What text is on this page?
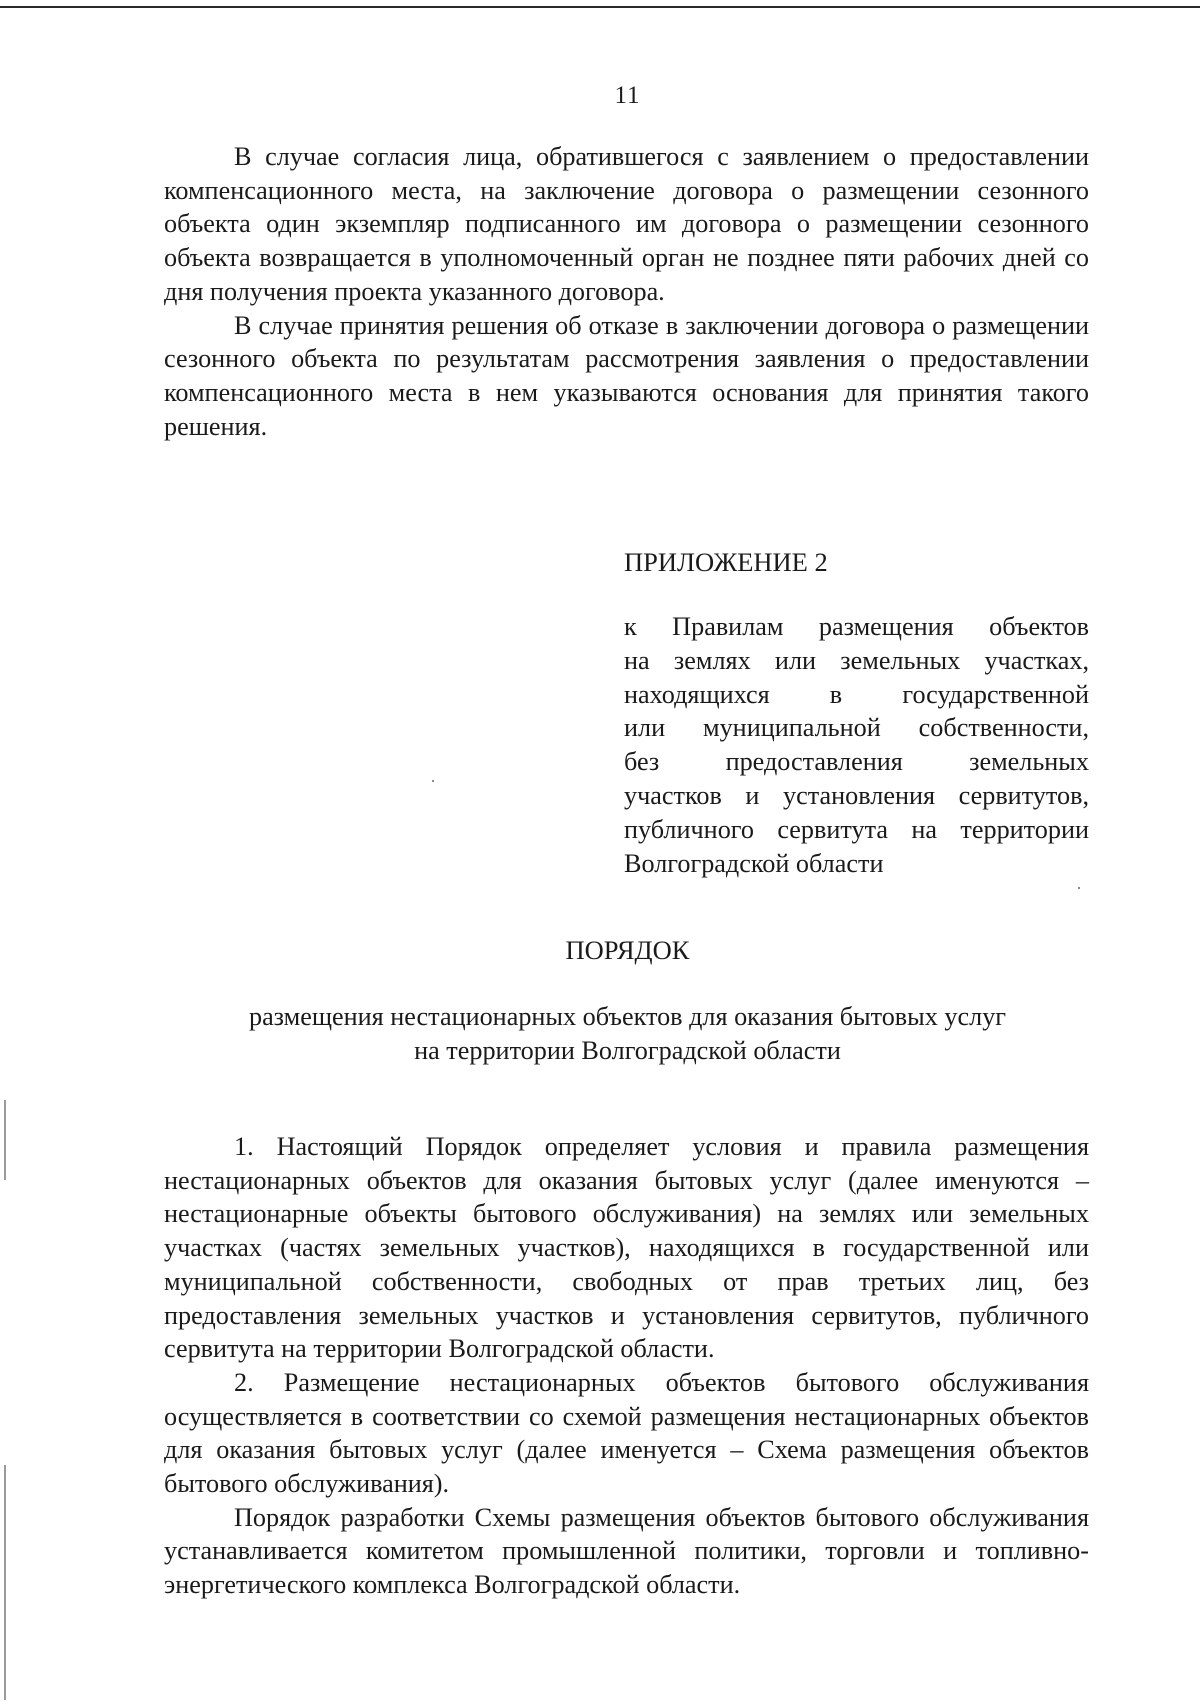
11

В случае согласия лица, обратившегося с заявлением о предоставлении компенсационного места, на заключение договора о размещении сезонного объекта один экземпляр подписанного им договора о размещении сезонного объекта возвращается в уполномоченный орган не позднее пяти рабочих дней со дня получения проекта указанного договора.

В случае принятия решения об отказе в заключении договора о размещении сезонного объекта по результатам рассмотрения заявления о предоставлении компенсационного места в нем указываются основания для принятия такого решения.

ПРИЛОЖЕНИЕ 2
к Правилам размещения объектов
на землях или земельных участках,
находящихся в государственной
или муниципальной собственности,
без предоставления земельных
участков и установления сервитутов,
публичного сервитута на территории
Волгоградской области
ПОРЯДОК
размещения нестационарных объектов для оказания бытовых услуг
на территории Волгоградской области

1. Настоящий Порядок определяет условия и правила размещения нестационарных объектов для оказания бытовых услуг (далее именуются – нестационарные объекты бытового обслуживания) на землях или земельных участках (частях земельных участков), находящихся в государственной или муниципальной собственности, свободных от прав третьих лиц, без предоставления земельных участков и установления сервитутов, публичного сервитута на территории Волгоградской области.

2. Размещение нестационарных объектов бытового обслуживания осуществляется в соответствии со схемой размещения нестационарных объектов для оказания бытовых услуг (далее именуется – Схема размещения объектов бытового обслуживания).

Порядок разработки Схемы размещения объектов бытового обслуживания устанавливается комитетом промышленной политики, торговли и топливно-энергетического комплекса Волгоградской области.
